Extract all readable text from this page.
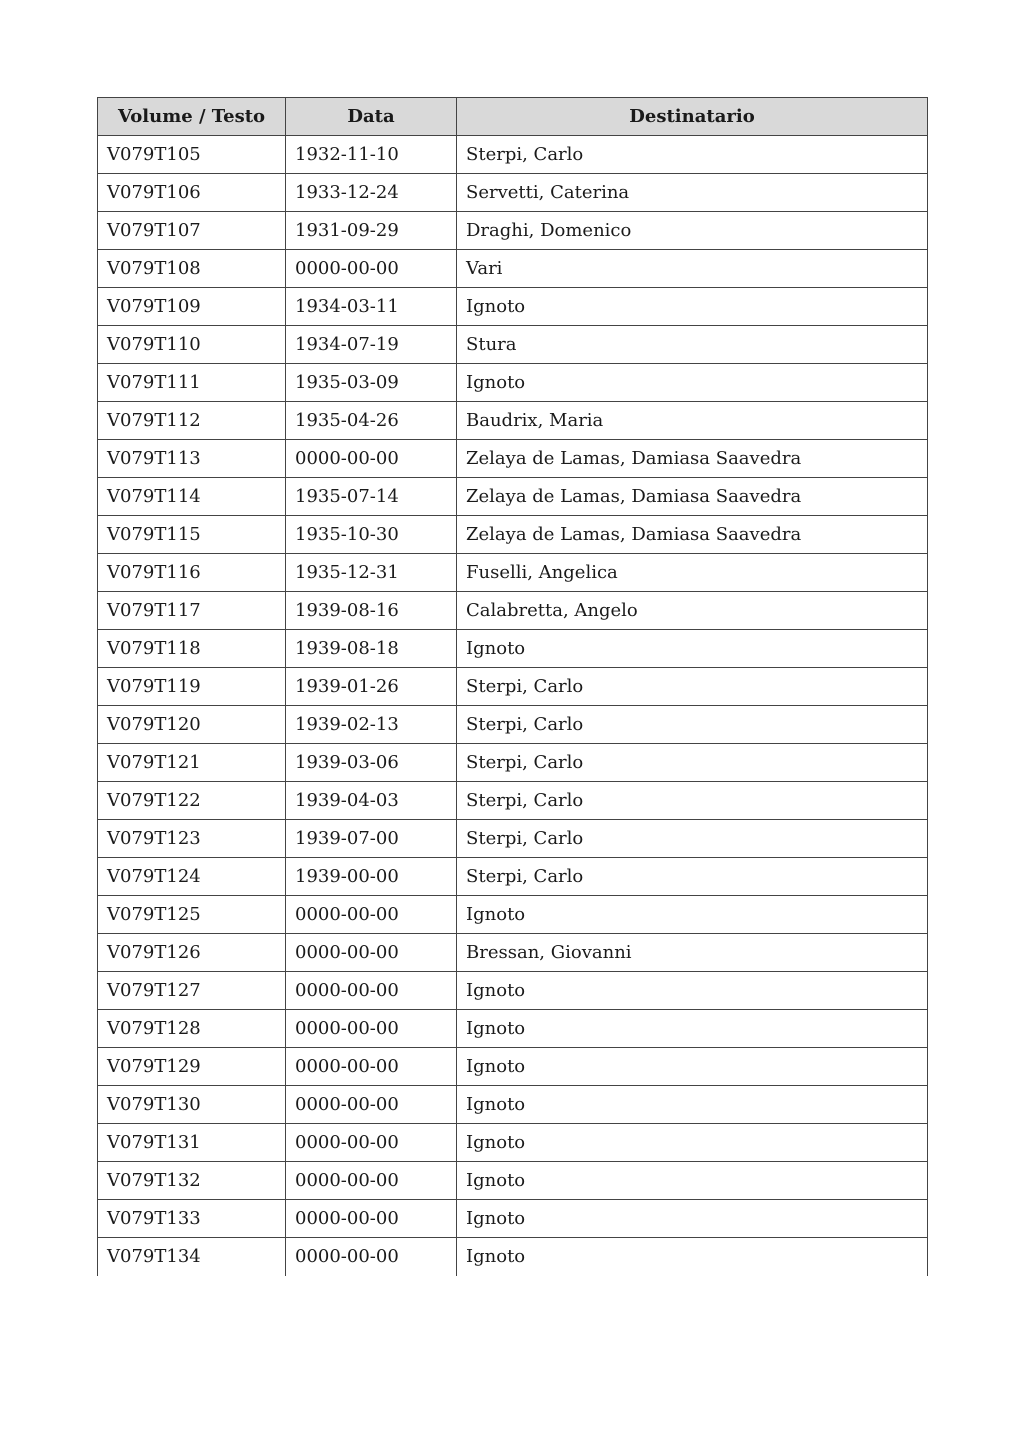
Volume / Testo	Data	Destinatario
V079T105	1932-11-10	Sterpi, Carlo
V079T106	1933-12-24	Servetti, Caterina
V079T107	1931-09-29	Draghi, Domenico
V079T108	0000-00-00	Vari
V079T109	1934-03-11	Ignoto
V079T110	1934-07-19	Stura
V079T111	1935-03-09	Ignoto
V079T112	1935-04-26	Baudrix, Maria
V079T113	0000-00-00	Zelaya de Lamas, Damiasa Saavedra
V079T114	1935-07-14	Zelaya de Lamas, Damiasa Saavedra
V079T115	1935-10-30	Zelaya de Lamas, Damiasa Saavedra
V079T116	1935-12-31	Fuselli, Angelica
V079T117	1939-08-16	Calabretta, Angelo
V079T118	1939-08-18	Ignoto
V079T119	1939-01-26	Sterpi, Carlo
V079T120	1939-02-13	Sterpi, Carlo
V079T121	1939-03-06	Sterpi, Carlo
V079T122	1939-04-03	Sterpi, Carlo
V079T123	1939-07-00	Sterpi, Carlo
V079T124	1939-00-00	Sterpi, Carlo
V079T125	0000-00-00	Ignoto
V079T126	0000-00-00	Bressan, Giovanni
V079T127	0000-00-00	Ignoto
V079T128	0000-00-00	Ignoto
V079T129	0000-00-00	Ignoto
V079T130	0000-00-00	Ignoto
V079T131	0000-00-00	Ignoto
V079T132	0000-00-00	Ignoto
V079T133	0000-00-00	Ignoto
V079T134	0000-00-00	Ignoto
